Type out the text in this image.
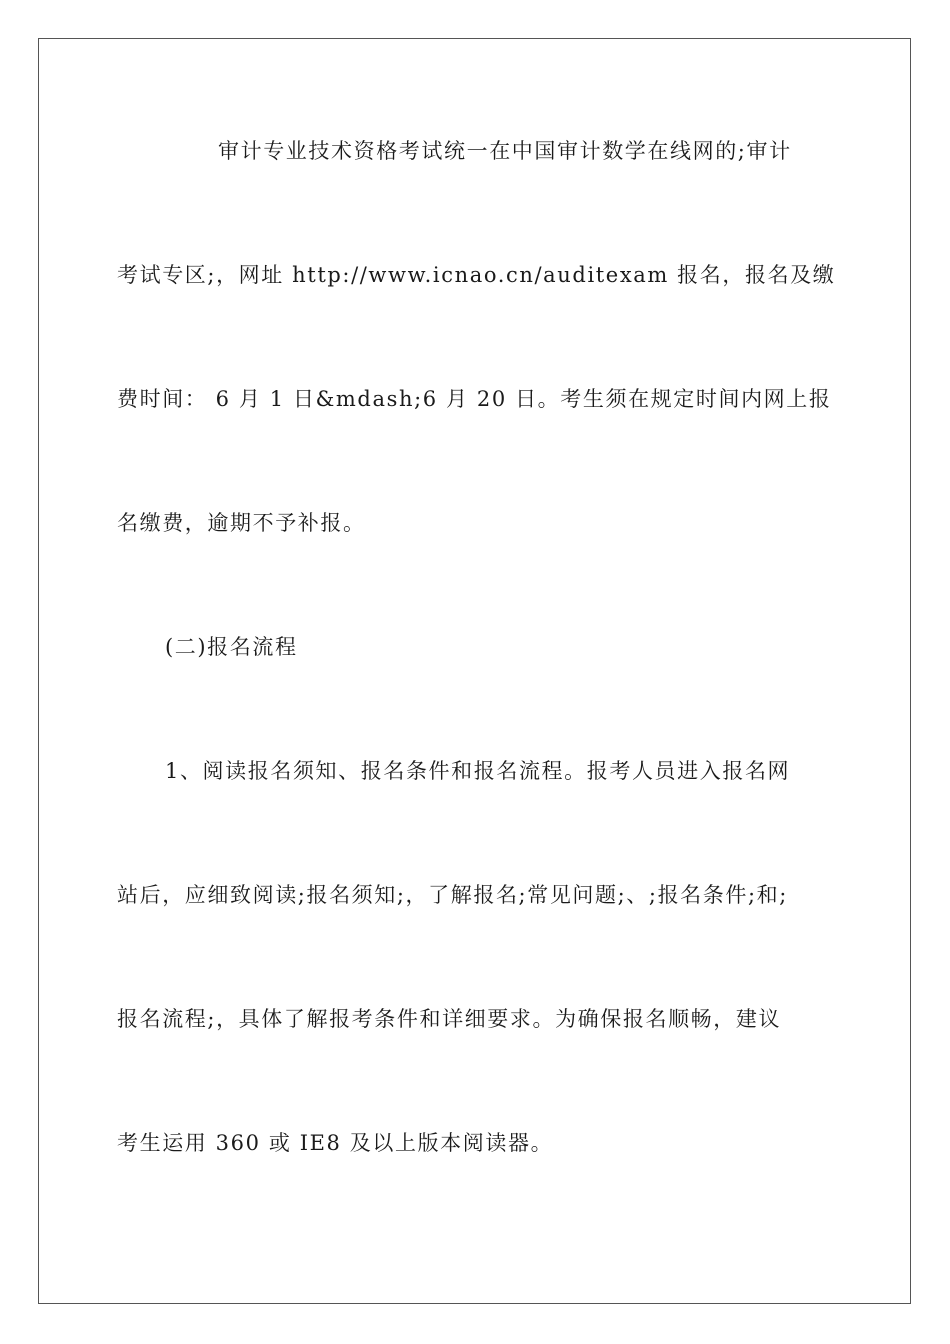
审计专业技术资格考试统一在中国审计数学在线网的;审计
考试专区;，网址 http://www.icnao.cn/auditexam 报名，报名及缴
费时间： 6 月 1 日&mdash;6 月 20 日。考生须在规定时间内网上报
名缴费，逾期不予补报。
(二)报名流程
1、阅读报名须知、报名条件和报名流程。报考人员进入报名网
站后，应细致阅读;报名须知;，了解报名;常见问题;、;报名条件;和;
报名流程;，具体了解报考条件和详细要求。为确保报名顺畅，建议
考生运用 360 或 IE8 及以上版本阅读器。
